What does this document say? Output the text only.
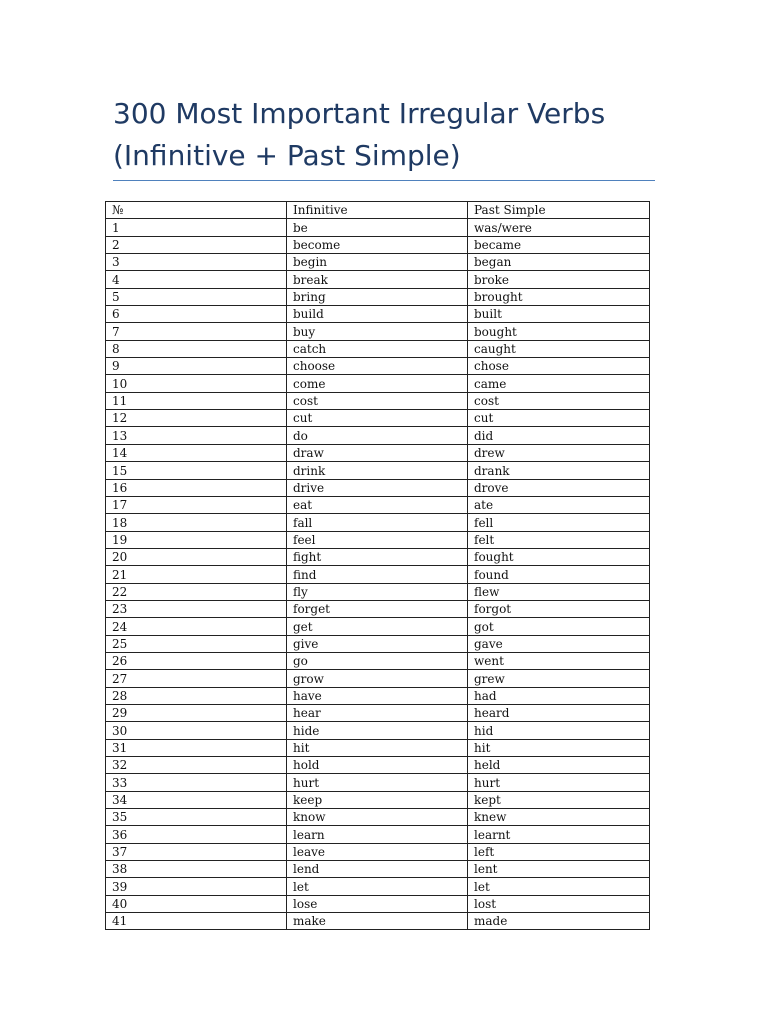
300 Most Important Irregular Verbs
(Infinitive + Past Simple)
№	Infinitive	Past Simple
1	be	was/were
2	become	became
3	begin	began
4	break	broke
5	bring	brought
6	build	built
7	buy	bought
8	catch	caught
9	choose	chose
10	come	came
11	cost	cost
12	cut	cut
13	do	did
14	draw	drew
15	drink	drank
16	drive	drove
17	eat	ate
18	fall	fell
19	feel	felt
20	fight	fought
21	find	found
22	fly	flew
23	forget	forgot
24	get	got
25	give	gave
26	go	went
27	grow	grew
28	have	had
29	hear	heard
30	hide	hid
31	hit	hit
32	hold	held
33	hurt	hurt
34	keep	kept
35	know	knew
36	learn	learnt
37	leave	left
38	lend	lent
39	let	let
40	lose	lost
41	make	made
